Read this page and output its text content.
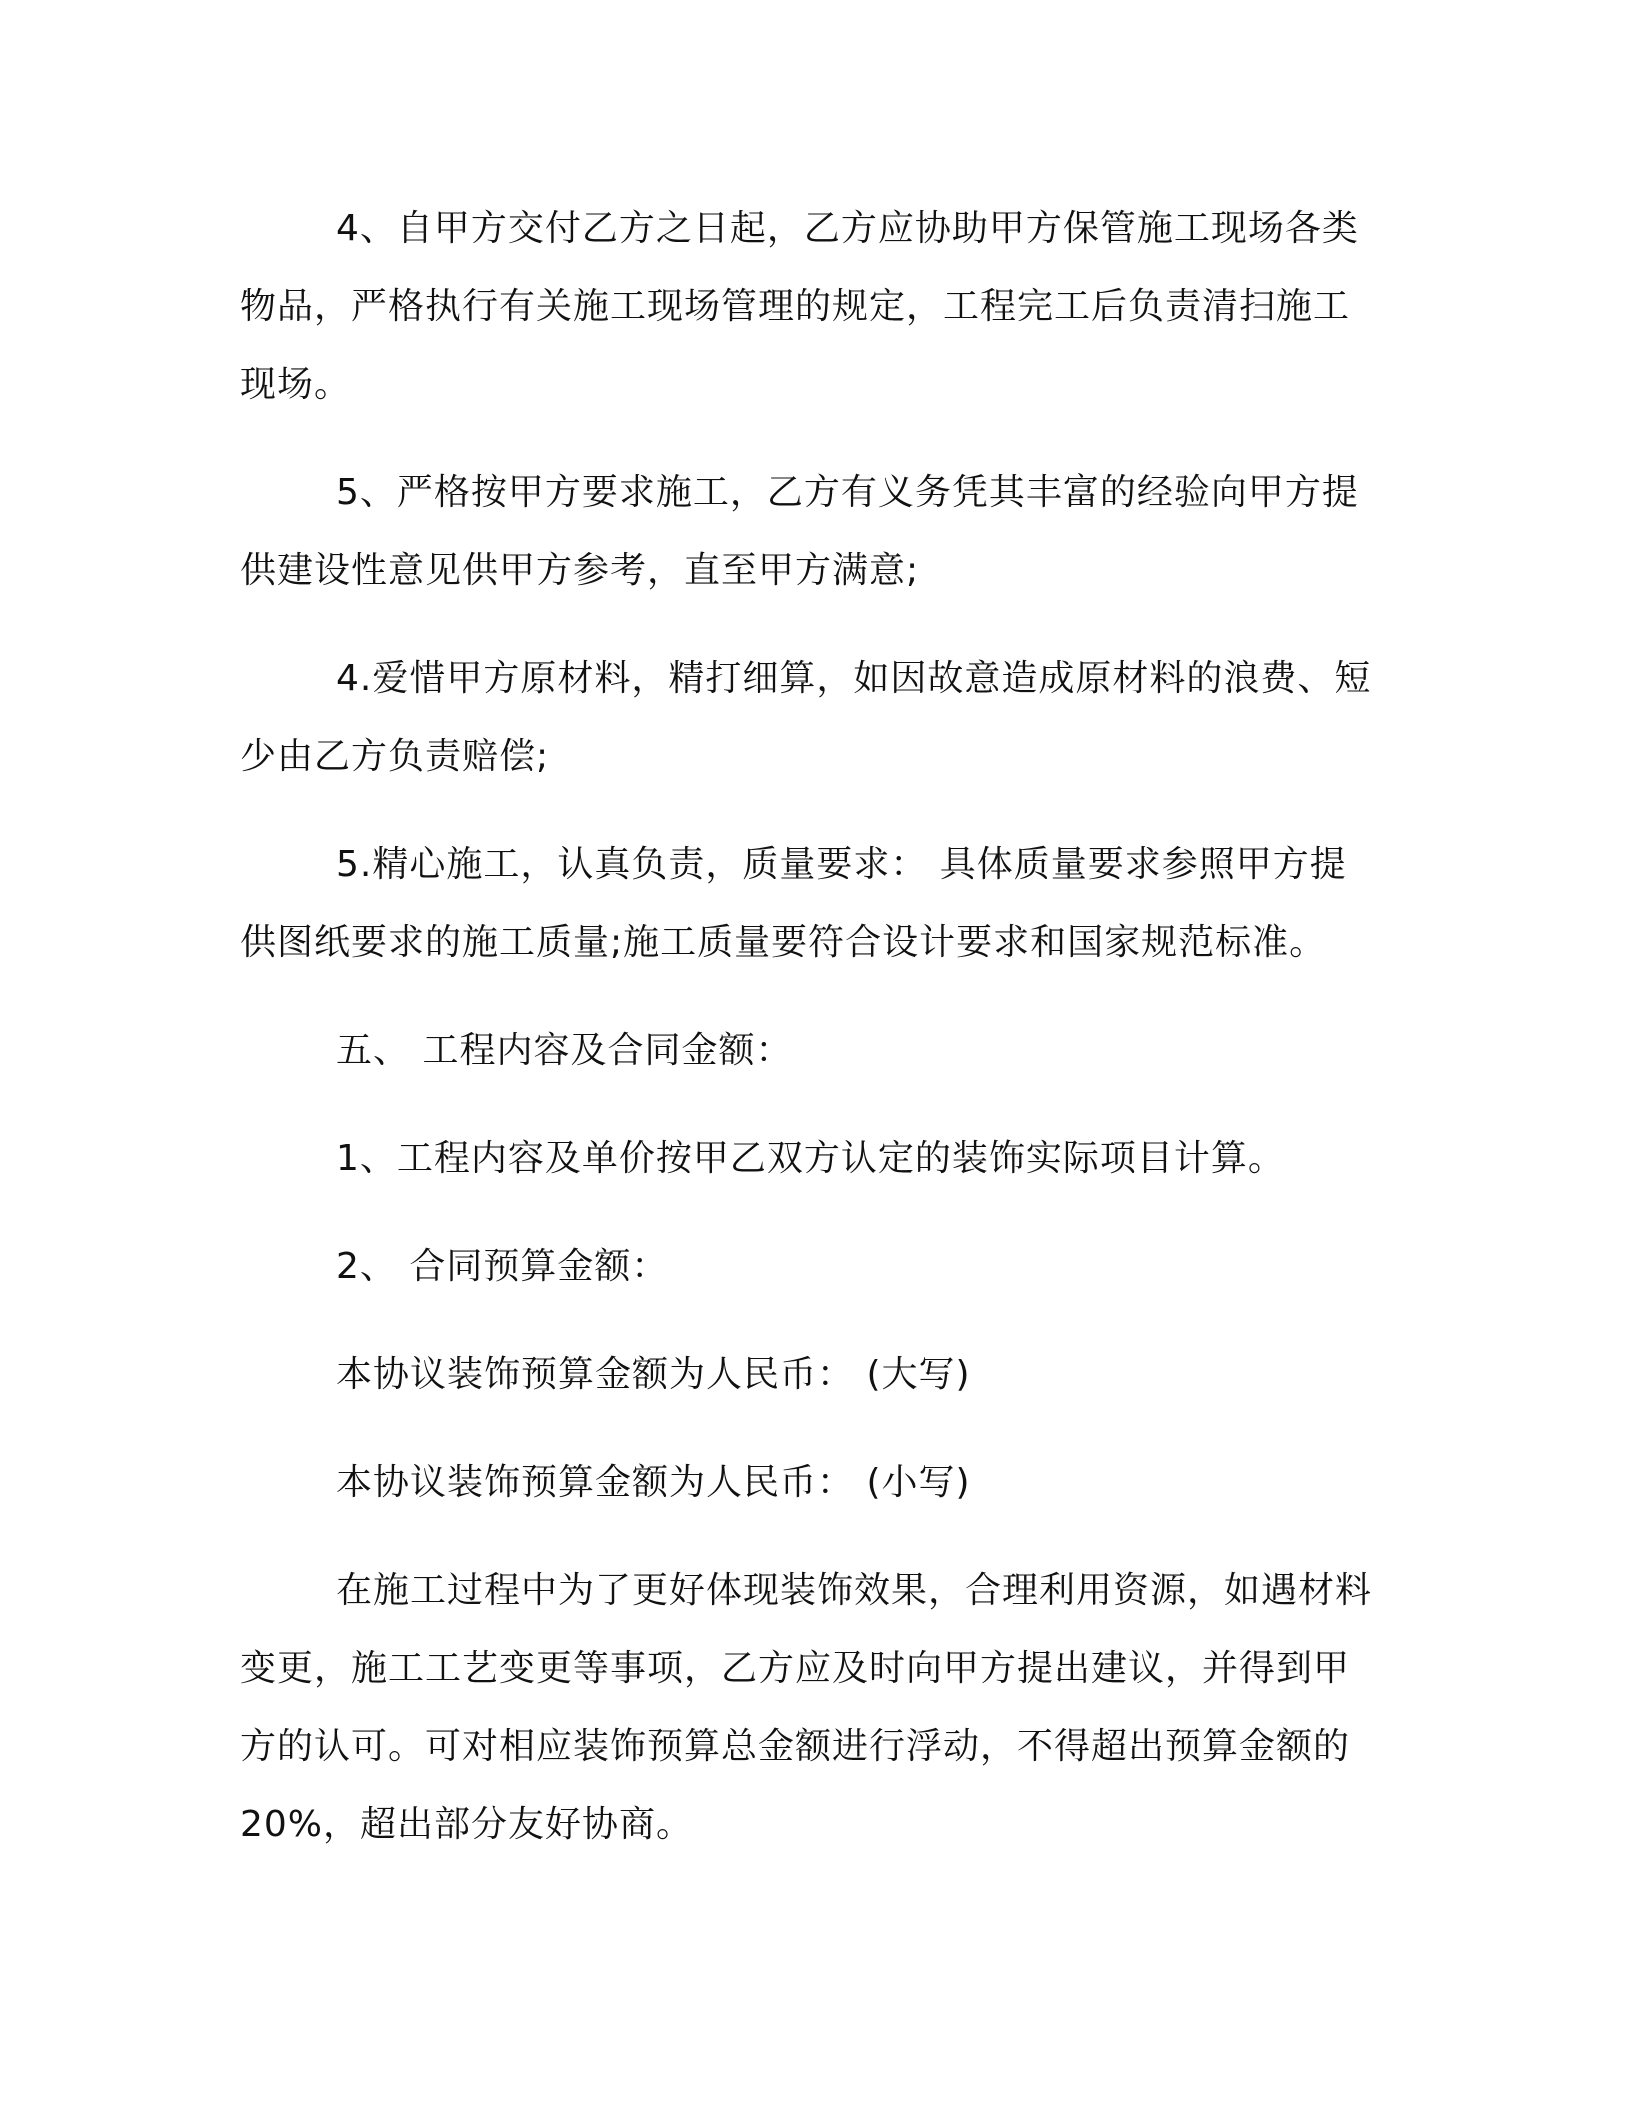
4、自甲方交付乙方之日起，乙方应协助甲方保管施工现场各类物品，严格执行有关施工现场管理的规定，工程完工后负责清扫施工现场。

5、严格按甲方要求施工，乙方有义务凭其丰富的经验向甲方提供建设性意见供甲方参考，直至甲方满意;

4.爱惜甲方原材料，精打细算，如因故意造成原材料的浪费、短少由乙方负责赔偿;

5.精心施工，认真负责，质量要求： 具体质量要求参照甲方提供图纸要求的施工质量;施工质量要符合设计要求和国家规范标准。

五、 工程内容及合同金额：

1、工程内容及单价按甲乙双方认定的装饰实际项目计算。

2、 合同预算金额：

本协议装饰预算金额为人民币： (大写)

本协议装饰预算金额为人民币： (小写)

在施工过程中为了更好体现装饰效果，合理利用资源，如遇材料变更，施工工艺变更等事项，乙方应及时向甲方提出建议，并得到甲方的认可。可对相应装饰预算总金额进行浮动，不得超出预算金额的20%，超出部分友好协商。
